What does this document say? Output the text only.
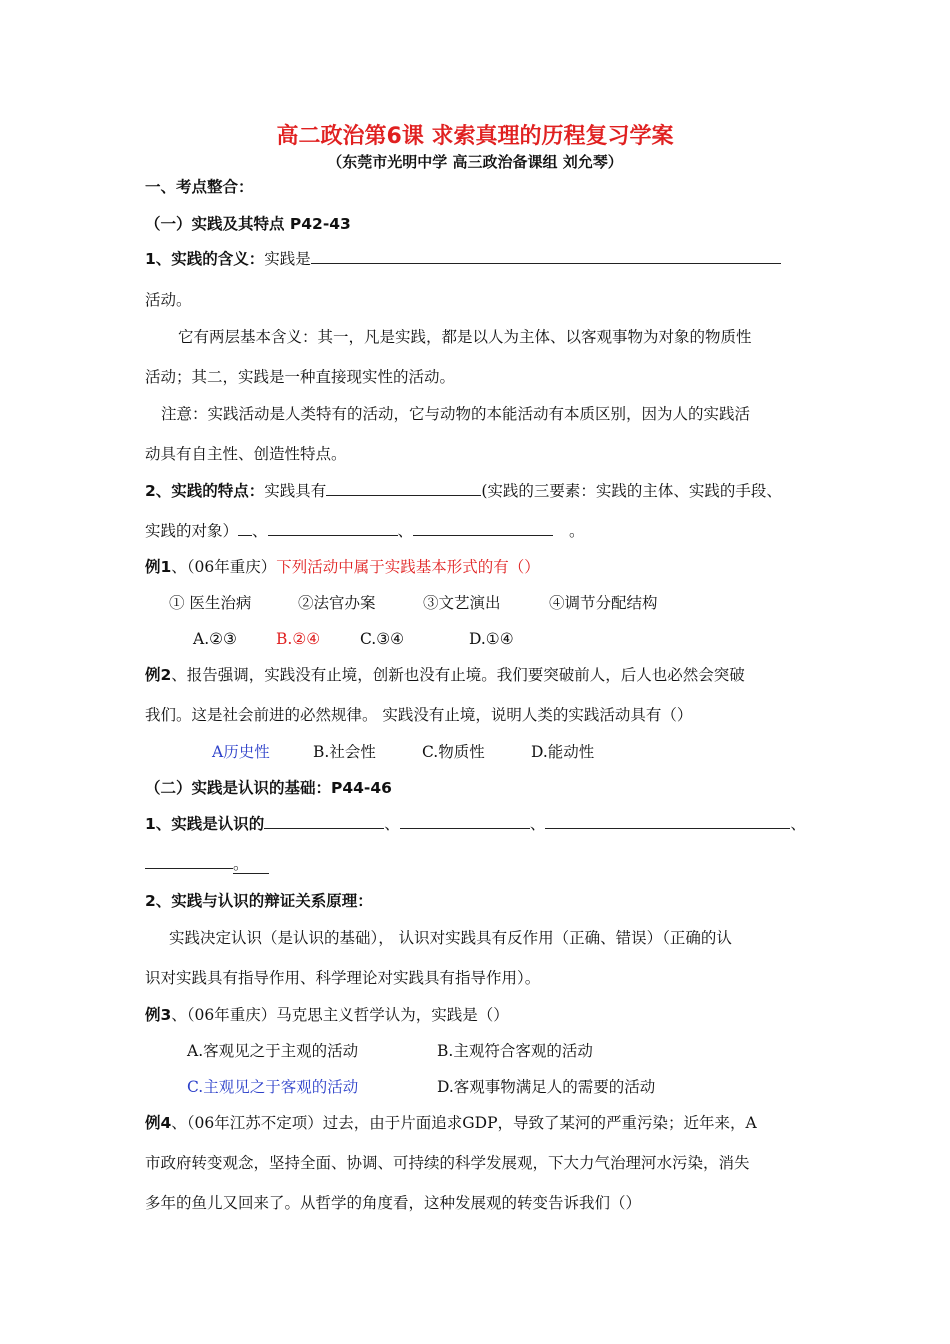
高二政治第6课 求索真理的历程复习学案
（东莞市光明中学 高三政治备课组 刘允琴）
一、考点整合：
（一）实践及其特点 P42-43
1、实践的含义：实践是
活动。
它有两层基本含义：其一，凡是实践，都是以人为主体、以客观事物为对象的物质性
活动；其二，实践是一种直接现实性的活动。
注意：实践活动是人类特有的活动，它与动物的本能活动有本质区别，因为人的实践活
动具有自主性、创造性特点。
2、实践的特点：实践具有	(实践的三要素：实践的主体、实践的手段、
实践的对象） 、	、	。
例1、（06年重庆）下列活动中属于实践基本形式的有（）
① 医生治病	②法官办案	③文艺演出	④调节分配结构
A.②③	B.②④	C.③④	D.①④
例2、报告强调，实践没有止境，创新也没有止境。我们要突破前人，后人也必然会突破
我们。这是社会前进的必然规律。 实践没有止境，说明人类的实践活动具有（）
A历史性	B.社会性	C.物质性	D.能动性
（二）实践是认识的基础：P44-46
1、实践是认识的	、	、	、
。
2、实践与认识的辩证关系原理：
实践决定认识（是认识的基础）， 认识对实践具有反作用（正确、错误）（正确的认
识对实践具有指导作用、科学理论对实践具有指导作用）。
例3、（06年重庆）马克思主义哲学认为，实践是（）
A.客观见之于主观的活动	B.主观符合客观的活动
C.主观见之于客观的活动	D.客观事物满足人的需要的活动
例4、（06年江苏不定项）过去，由于片面追求GDP，导致了某河的严重污染；近年来，A
市政府转变观念，坚持全面、协调、可持续的科学发展观，下大力气治理河水污染，消失
多年的鱼儿又回来了。从哲学的角度看，这种发展观的转变告诉我们（）
